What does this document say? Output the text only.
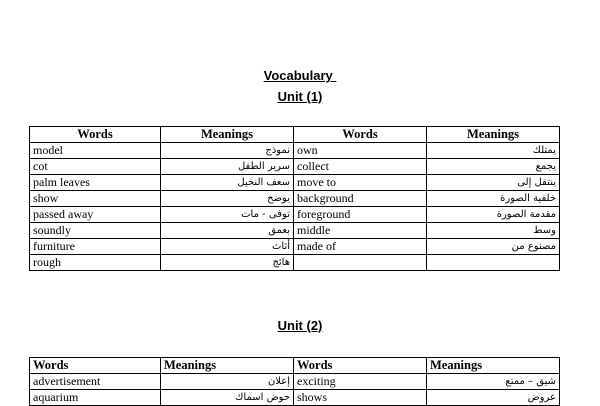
Vocabulary
Unit (1)
Words	Meanings	Words	Meanings
model	نموذج	own	يمتلك
cot	سرير الطفل	collect	يجمع
palm leaves	سعف النخيل	move to	ينتقل إلى
show	يوضح	background	خلفية الصورة
passed away	توفى - مات	foreground	مقدمة الصورة
soundly	بعمق	middle	وسط
furniture	أثاث	made of	مصنوع من
rough	هائج		
Unit (2)
Words	Meanings	Words	Meanings
advertisement	إعلان	exciting	شيق – ممتع
aquarium	حوض اسماك	shows	عروض
